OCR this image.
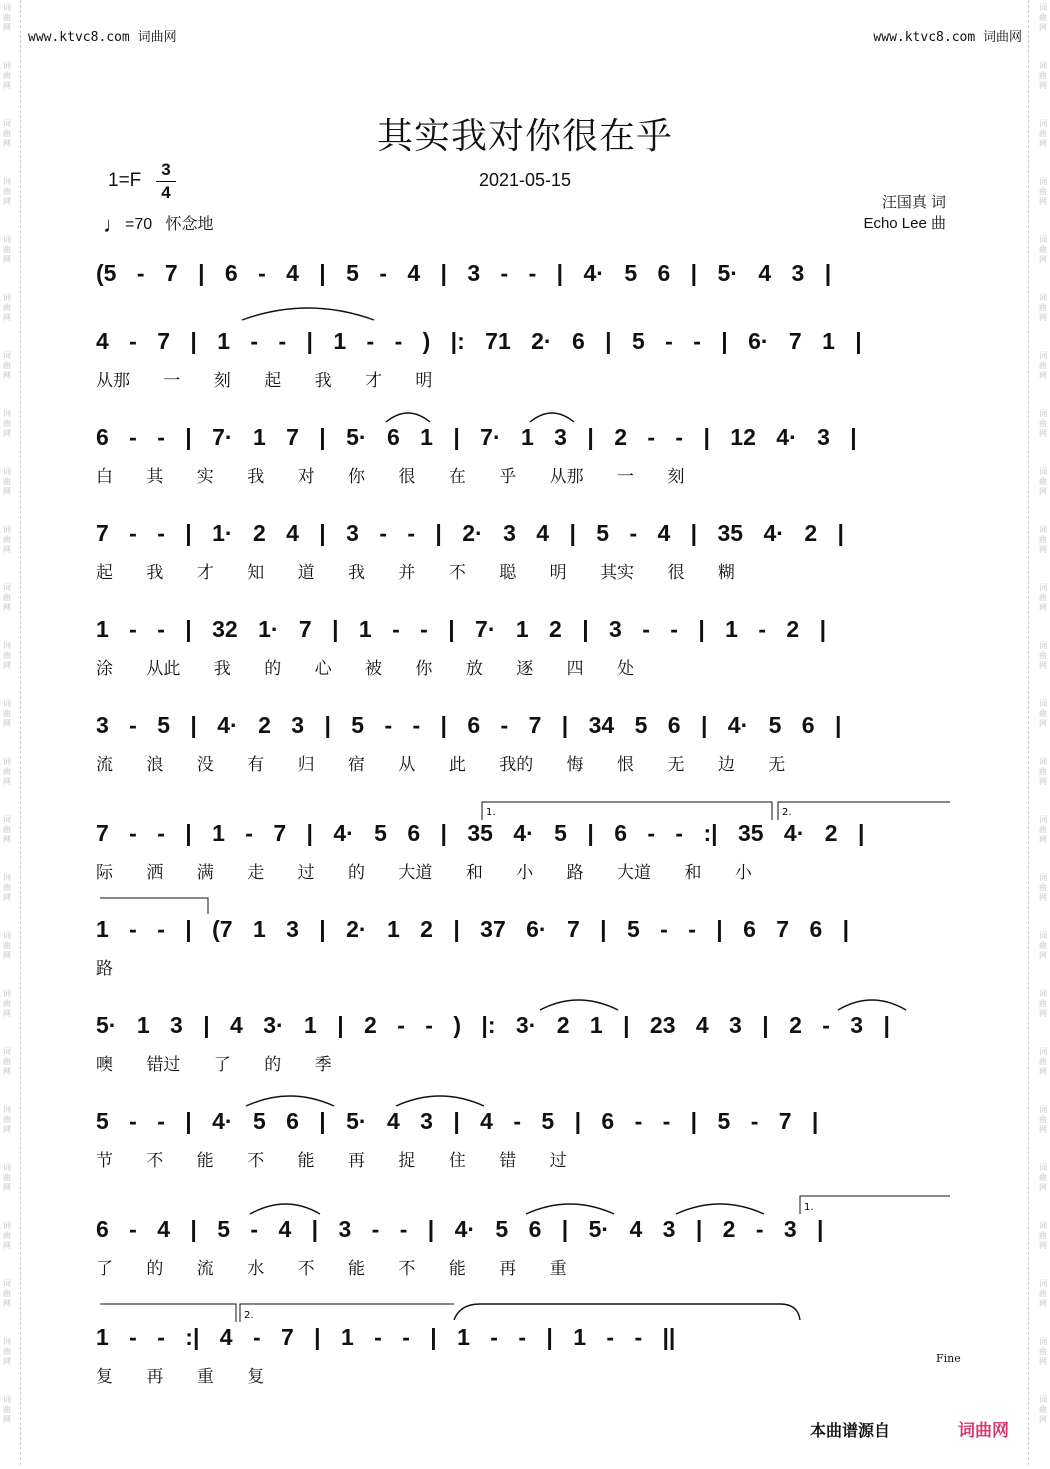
词
曲
网
词
曲
网
词
曲
网
词
曲
网
词
曲
网
词
曲
网
词
曲
网
词
曲
网
词
曲
网
词
曲
网
词
曲
网
词
曲
网
词
曲
网
词
曲
网
词
曲
网
词
曲
网
词
曲
网
词
曲
网
词
曲
网
词
曲
网
词
曲
网
词
曲
网
词
曲
网
词
曲
网
词
曲
网
词
曲
网
词
曲
网
词
曲
网
词
曲
网
词
曲
网
词
曲
网
词
曲
网
词
曲
网
词
曲
网
词
曲
网
词
曲
网
词
曲
网
词
曲
网
词
曲
网
词
曲
网
词
曲
网
词
曲
网
词
曲
网
词
曲
网
词
曲
网
词
曲
网
词
曲
网
词
曲
网
词
曲
网
词
曲
网
www.ktvc8.com 词曲网	www.ktvc8.com 词曲网
其实我对你很在乎
2021-05-15
1=F
3
4
♩=70 怀念地
汪国真 词
Echo Lee 曲
(5 - 7 | 6 - 4 | 5 - 4 | 3 - - | 4· 5 6 | 5· 4 3 |
4 - 7 | 1 - - | 1 - - ) |: 71 2· 6 | 5 - - | 6· 7 1 |
从那 一 刻 起 我 才 明
6 - - | 7· 1 7 | 5· 6 1 | 7· 1 3 | 2 - - | 12 4· 3 |
白 其 实 我 对 你 很 在 乎 从那 一 刻
7 - - | 1· 2 4 | 3 - - | 2· 3 4 | 5 - 4 | 35 4· 2 |
起 我 才 知 道 我 并 不 聪 明 其实 很 糊
1 - - | 32 1· 7 | 1 - - | 7· 1 2 | 3 - - | 1 - 2 |
涂 从此 我 的 心 被 你 放 逐 四 处
3 - 5 | 4· 2 3 | 5 - - | 6 - 7 | 34 5 6 | 4· 5 6 |
流 浪 没 有 归 宿 从 此 我的 悔 恨 无 边 无
7 - - | 1 - 7 | 4· 5 6 | 35 4· 5 | 6 - - :| 35 4· 2 |
际 洒 满 走 过 的 大道 和 小 路 大道 和 小
1 - - | (7 1 3 | 2· 1 2 | 37 6· 7 | 5 - - | 6 7 6 |
路
5· 1 3 | 4 3· 1 | 2 - - ) |: 3· 2 1 | 23 4 3 | 2 - 3 |
噢 错过 了 的 季
5 - - | 4· 5 6 | 5· 4 3 | 4 - 5 | 6 - - | 5 - 7 |
节 不 能 不 能 再 捉 住 错 过
6 - 4 | 5 - 4 | 3 - - | 4· 5 6 | 5· 4 3 | 2 - 3 |
了 的 流 水 不 能 不 能 再 重
1 - - :| 4 - 7 | 1 - - | 1 - - | 1 - - ||
复 再 重 复
1.	2.
1.
2.
Fine
本曲谱源自	词曲网
